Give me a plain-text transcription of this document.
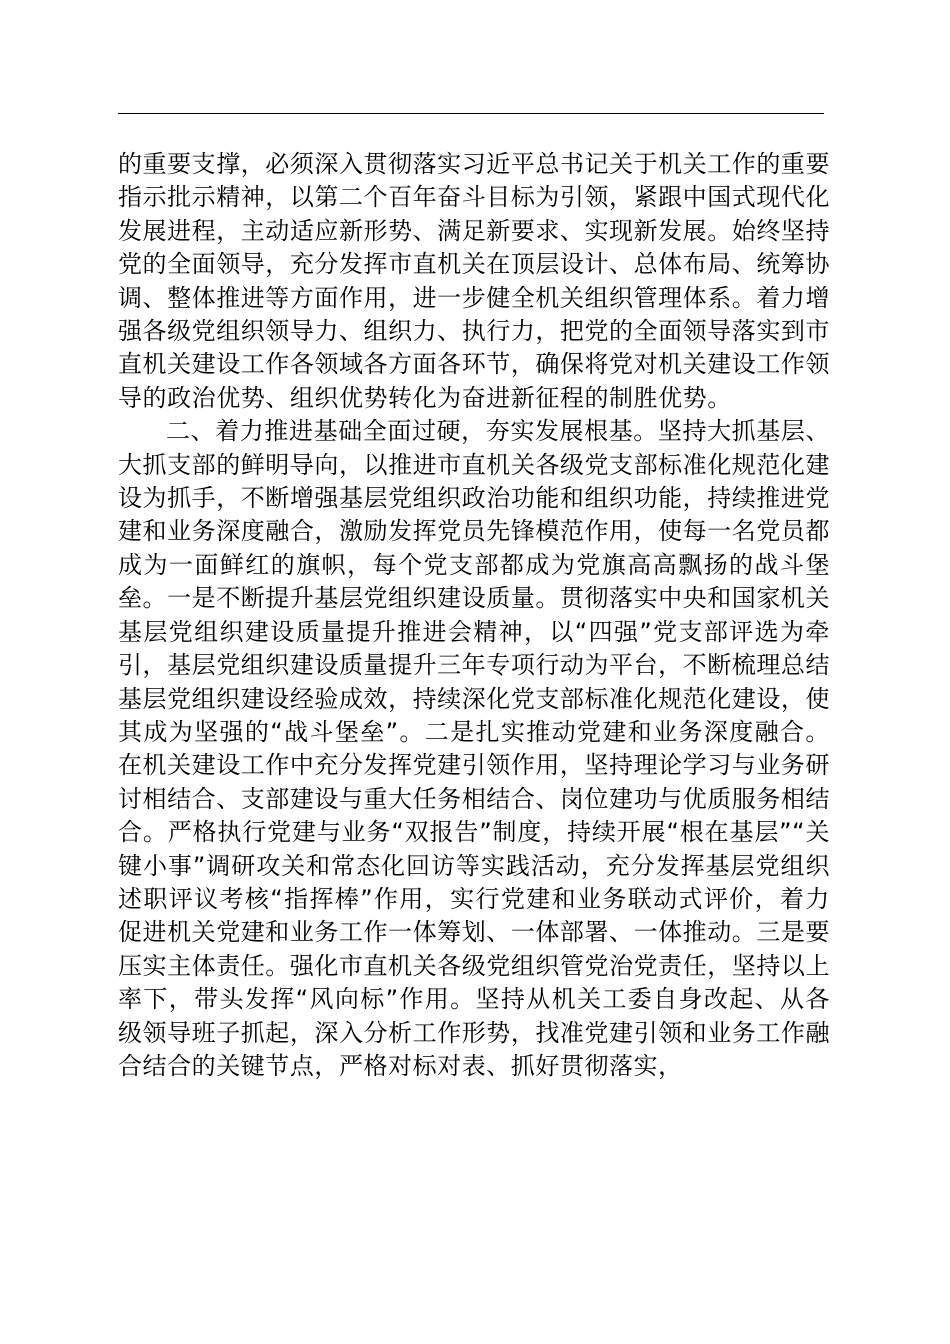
的重要支撑，必须深入贯彻落实习近平总书记关于机关工作的重要指示批示精神，以第二个百年奋斗目标为引领，紧跟中国式现代化发展进程，主动适应新形势、满足新要求、实现新发展。始终坚持党的全面领导，充分发挥市直机关在顶层设计、总体布局、统筹协调、整体推进等方面作用，进一步健全机关组织管理体系。着力增强各级党组织领导力、组织力、执行力，把党的全面领导落实到市直机关建设工作各领域各方面各环节，确保将党对机关建设工作领导的政治优势、组织优势转化为奋进新征程的制胜优势。

二、着力推进基础全面过硬，夯实发展根基。坚持大抓基层、大抓支部的鲜明导向，以推进市直机关各级党支部标准化规范化建设为抓手，不断增强基层党组织政治功能和组织功能，持续推进党建和业务深度融合，激励发挥党员先锋模范作用，使每一名党员都成为一面鲜红的旗帜，每个党支部都成为党旗高高飘扬的战斗堡垒。一是不断提升基层党组织建设质量。贯彻落实中央和国家机关基层党组织建设质量提升推进会精神，以“四强”党支部评选为牵引，基层党组织建设质量提升三年专项行动为平台，不断梳理总结基层党组织建设经验成效，持续深化党支部标准化规范化建设，使其成为坚强的“战斗堡垒”。二是扎实推动党建和业务深度融合。在机关建设工作中充分发挥党建引领作用，坚持理论学习与业务研讨相结合、支部建设与重大任务相结合、岗位建功与优质服务相结合。严格执行党建与业务“双报告”制度，持续开展“根在基层”“关键小事”调研攻关和常态化回访等实践活动，充分发挥基层党组织述职评议考核“指挥棒”作用，实行党建和业务联动式评价，着力促进机关党建和业务工作一体筹划、一体部署、一体推动。三是要压实主体责任。强化市直机关各级党组织管党治党责任，坚持以上率下，带头发挥“风向标”作用。坚持从机关工委自身改起、从各级领导班子抓起，深入分析工作形势，找准党建引领和业务工作融合结合的关键节点，严格对标对表、抓好贯彻落实，
